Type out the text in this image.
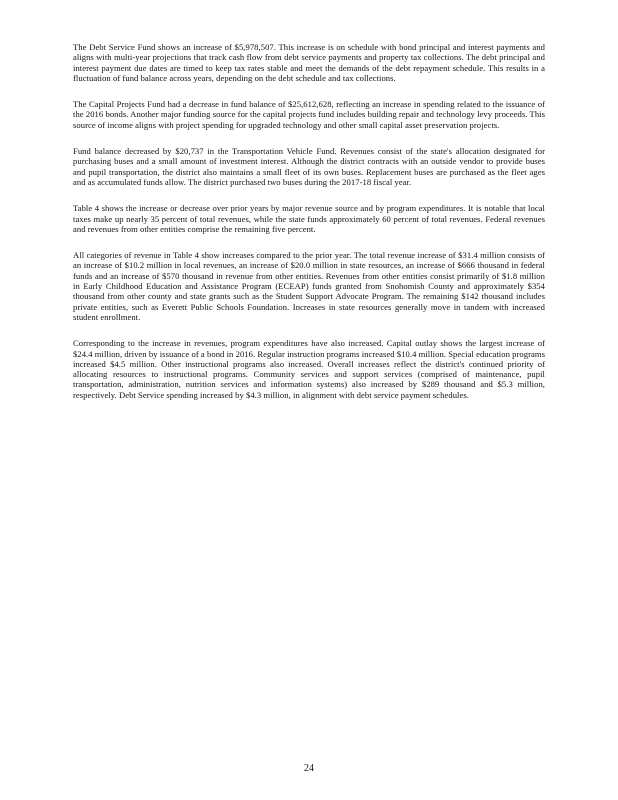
The Debt Service Fund shows an increase of $5,978,507. This increase is on schedule with bond principal and interest payments and aligns with multi-year projections that track cash flow from debt service payments and property tax collections. The debt principal and interest payment due dates are timed to keep tax rates stable and meet the demands of the debt repayment schedule. This results in a fluctuation of fund balance across years, depending on the debt schedule and tax collections.

The Capital Projects Fund had a decrease in fund balance of $25,612,628, reflecting an increase in spending related to the issuance of the 2016 bonds. Another major funding source for the capital projects fund includes building repair and technology levy proceeds. This source of income aligns with project spending for upgraded technology and other small capital asset preservation projects.

Fund balance decreased by $20,737 in the Transportation Vehicle Fund. Revenues consist of the state's allocation designated for purchasing buses and a small amount of investment interest. Although the district contracts with an outside vendor to provide buses and pupil transportation, the district also maintains a small fleet of its own buses. Replacement buses are purchased as the fleet ages and as accumulated funds allow. The district purchased two buses during the 2017-18 fiscal year.

Table 4 shows the increase or decrease over prior years by major revenue source and by program expenditures. It is notable that local taxes make up nearly 35 percent of total revenues, while the state funds approximately 60 percent of total revenues. Federal revenues and revenues from other entities comprise the remaining five percent.

All categories of revenue in Table 4 show increases compared to the prior year. The total revenue increase of $31.4 million consists of an increase of $10.2 million in local revenues, an increase of $20.0 million in state resources, an increase of $666 thousand in federal funds and an increase of $570 thousand in revenue from other entities. Revenues from other entities consist primarily of $1.8 million in Early Childhood Education and Assistance Program (ECEAP) funds granted from Snohomish County and approximately $354 thousand from other county and state grants such as the Student Support Advocate Program. The remaining $142 thousand includes private entities, such as Everett Public Schools Foundation. Increases in state resources generally move in tandem with increased student enrollment.

Corresponding to the increase in revenues, program expenditures have also increased. Capital outlay shows the largest increase of $24.4 million, driven by issuance of a bond in 2016. Regular instruction programs increased $10.4 million. Special education programs increased $4.5 million. Other instructional programs also increased. Overall increases reflect the district's continued priority of allocating resources to instructional programs. Community services and support services (comprised of maintenance, pupil transportation, administration, nutrition services and information systems) also increased by $289 thousand and $5.3 million, respectively. Debt Service spending increased by $4.3 million, in alignment with debt service payment schedules.

24
